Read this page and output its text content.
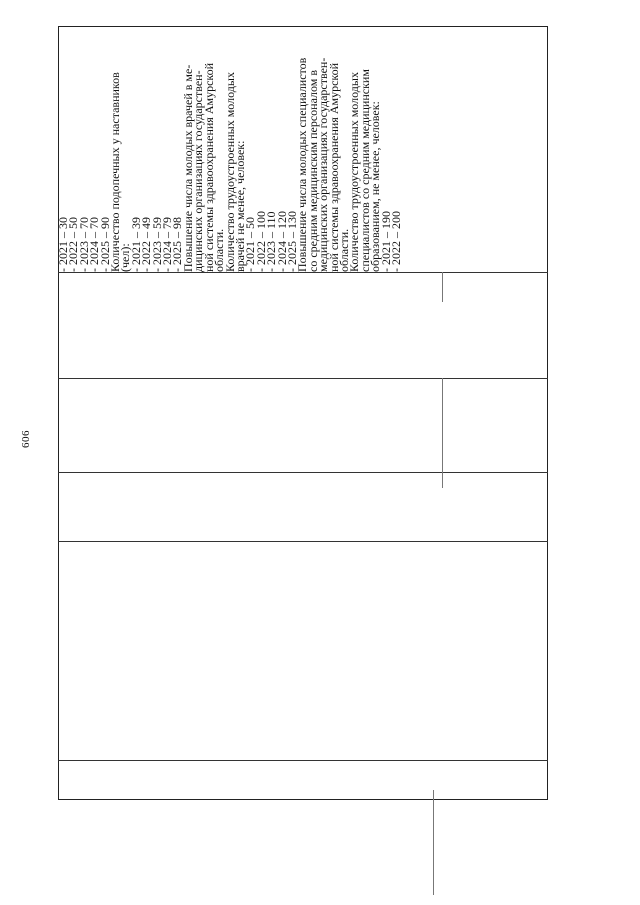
606

- 2021 – 30

- 2022 – 50

- 2023 – 70

- 2024 – 70

- 2025 – 90

Количество подопечных у наставников

(чел):

- 2021 – 39

- 2022 – 49

- 2023 – 59

- 2024 – 79

- 2025 – 98

Повышение числа молодых врачей в ме-

дицинских организациях государствен-

ной системы здравоохранения Амурской

области.

Количество трудоустроенных молодых

врачей не менее, человек:

- 2021 – 50

- 2022 – 100

- 2023 – 110

- 2024 – 120

- 2025 – 130

Повышение числа молодых специалистов

со средним медицинским персоналом в

медицинских организациях государствен-

ной системы здравоохранения Амурской

области.

Количество трудоустроенных молодых

специалистов со средним медицинским

образованием, не менее, человек:

- 2021 – 190

- 2022 – 200
